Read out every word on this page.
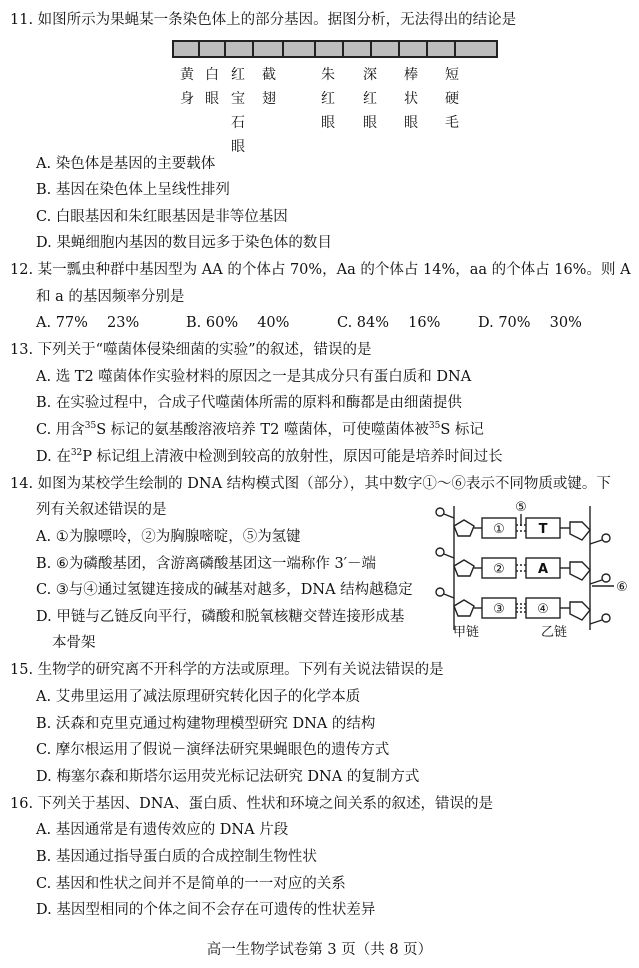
11. 如图所示为果蝇某一条染色体上的部分基因。据图分析，无法得出的结论是
黄身
白眼
红宝石眼
截翅
朱红眼
深红眼
棒状眼
短硬毛
A. 染色体是基因的主要载体
B. 基因在染色体上呈线性排列
C. 白眼基因和朱红眼基因是非等位基因
D. 果蝇细胞内基因的数目远多于染色体的数目
12. 某一瓢虫种群中基因型为 AA 的个体占 70%，Aa 的个体占 14%，aa 的个体占 16%。则 A
和 a 的基因频率分别是
A. 77%　 23%	B. 60%　 40%	C. 84%　 16%	D. 70%　 30%
13. 下列关于“噬菌体侵染细菌的实验”的叙述，错误的是
A. 选 T2 噬菌体作实验材料的原因之一是其成分只有蛋白质和 DNA
B. 在实验过程中，合成子代噬菌体所需的原料和酶都是由细菌提供
C. 用含$^{35}$S 标记的氨基酸溶液培养 T2 噬菌体，可使噬菌体被$^{35}$S 标记
D. 在$^{32}$P 标记组上清液中检测到较高的放射性，原因可能是培养时间过长
14. 如图为某校学生绘制的 DNA 结构模式图（部分），其中数字①～⑥表示不同物质或键。下
列有关叙述错误的是
A. ①为腺嘌呤，②为胸腺嘧啶，⑤为氢键
B. ⑥为磷酸基团，含游离磷酸基团这一端称作 3′－端
C. ③与④通过氢键连接成的碱基对越多，DNA 结构越稳定
D. 甲链与乙链反向平行，磷酸和脱氧核糖交替连接形成基
本骨架
①
②
③
T
A
④
⑤
⑥
甲链	乙链
15. 生物学的研究离不开科学的方法或原理。下列有关说法错误的是
A. 艾弗里运用了减法原理研究转化因子的化学本质
B. 沃森和克里克通过构建物理模型研究 DNA 的结构
C. 摩尔根运用了假说－演绎法研究果蝇眼色的遗传方式
D. 梅塞尔森和斯塔尔运用荧光标记法研究 DNA 的复制方式
16. 下列关于基因、DNA、蛋白质、性状和环境之间关系的叙述，错误的是
A. 基因通常是有遗传效应的 DNA 片段
B. 基因通过指导蛋白质的合成控制生物性状
C. 基因和性状之间并不是简单的一一对应的关系
D. 基因型相同的个体之间不会存在可遗传的性状差异
高一生物学试卷第 3 页（共 8 页）
